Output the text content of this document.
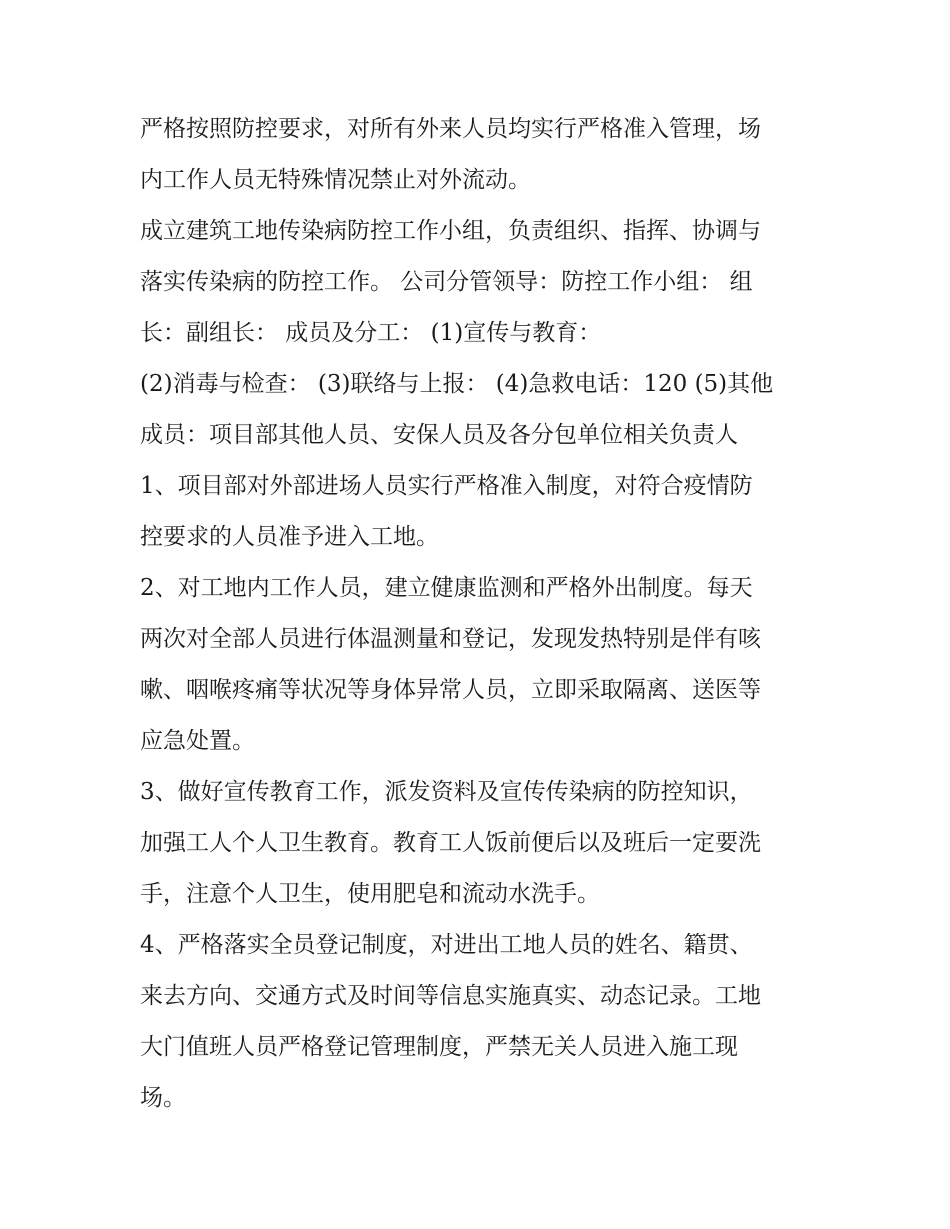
严格按照防控要求，对所有外来人员均实行严格准入管理，场
内工作人员无特殊情况禁止对外流动。
成立建筑工地传染病防控工作小组，负责组织、指挥、协调与
落实传染病的防控工作。 公司分管领导：防控工作小组： 组
长：副组长： 成员及分工： (1)宣传与教育：
(2)消毒与检查： (3)联络与上报： (4)急救电话：120 (5)其他
成员：项目部其他人员、安保人员及各分包单位相关负责人
1、项目部对外部进场人员实行严格准入制度，对符合疫情防
控要求的人员准予进入工地。
2、对工地内工作人员，建立健康监测和严格外出制度。每天
两次对全部人员进行体温测量和登记，发现发热特别是伴有咳
嗽、咽喉疼痛等状况等身体异常人员，立即采取隔离、送医等
应急处置。
3、做好宣传教育工作，派发资料及宣传传染病的防控知识，
加强工人个人卫生教育。教育工人饭前便后以及班后一定要洗
手，注意个人卫生，使用肥皂和流动水洗手。
4、严格落实全员登记制度，对进出工地人员的姓名、籍贯、
来去方向、交通方式及时间等信息实施真实、动态记录。工地
大门值班人员严格登记管理制度，严禁无关人员进入施工现
场。
